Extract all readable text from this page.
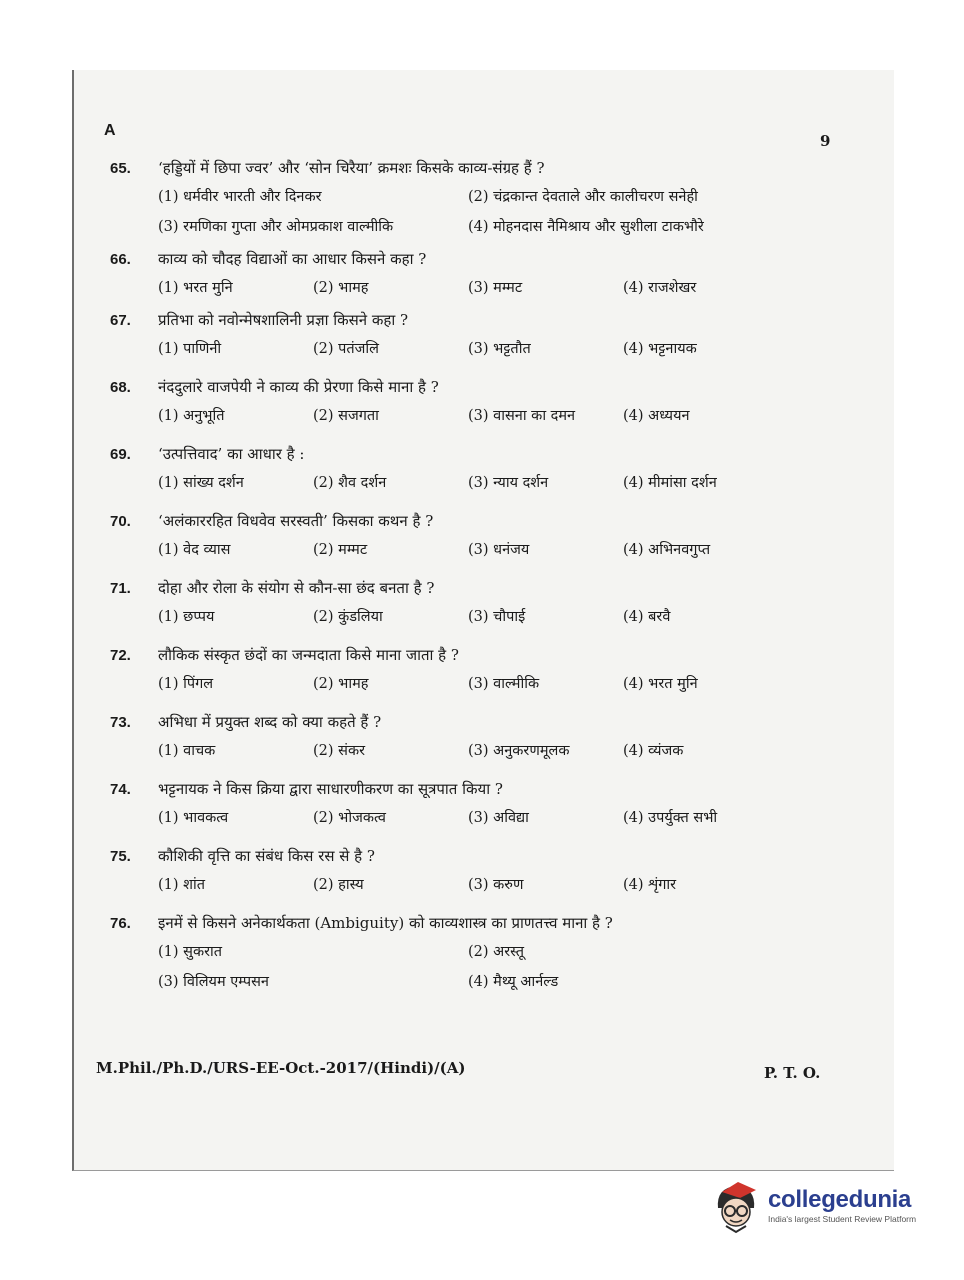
A
9
65.	‘हड्डियों में छिपा ज्वर’ और ‘सोन चिरैया’ क्रमशः किसके काव्य-संग्रह हैं ?
(1) धर्मवीर भारती और दिनकर	(2) चंद्रकान्त देवताले और कालीचरण सनेही
(3) रमणिका गुप्ता और ओमप्रकाश वाल्मीकि	(4) मोहनदास नैमिश्राय और सुशीला टाकभौरे
66.	काव्य को चौदह विद्याओं का आधार किसने कहा ?
(1) भरत मुनि	(2) भामह	(3) मम्मट	(4) राजशेखर
67.	प्रतिभा को नवोन्मेषशालिनी प्रज्ञा किसने कहा ?
(1) पाणिनी	(2) पतंजलि	(3) भट्टतौत	(4) भट्टनायक
68.	नंददुलारे वाजपेयी ने काव्य की प्रेरणा किसे माना है ?
(1) अनुभूति	(2) सजगता	(3) वासना का दमन	(4) अध्ययन
69.	‘उत्पत्तिवाद’ का आधार है :
(1) सांख्य दर्शन	(2) शैव दर्शन	(3) न्याय दर्शन	(4) मीमांसा दर्शन
70.	‘अलंकाररहित विधवेव सरस्वती’ किसका कथन है ?
(1) वेद व्यास	(2) मम्मट	(3) धनंजय	(4) अभिनवगुप्त
71.	दोहा और रोला के संयोग से कौन-सा छंद बनता है ?
(1) छप्पय	(2) कुंडलिया	(3) चौपाई	(4) बरवै
72.	लौकिक संस्कृत छंदों का जन्मदाता किसे माना जाता है ?
(1) पिंगल	(2) भामह	(3) वाल्मीकि	(4) भरत मुनि
73.	अभिधा में प्रयुक्त शब्द को क्या कहते हैं ?
(1) वाचक	(2) संकर	(3) अनुकरणमूलक	(4) व्यंजक
74.	भट्टनायक ने किस क्रिया द्वारा साधारणीकरण का सूत्रपात किया ?
(1) भावकत्व	(2) भोजकत्व	(3) अविद्या	(4) उपर्युक्त सभी
75.	कौशिकी वृत्ति का संबंध किस रस से है ?
(1) शांत	(2) हास्य	(3) करुण	(4) शृंगार
76.	इनमें से किसने अनेकार्थकता (Ambiguity) को काव्यशास्त्र का प्राणतत्त्व माना है ?
(1) सुकरात	(2) अरस्तू
(3) विलियम एम्पसन	(4) मैथ्यू आर्नल्ड
M.Phil./Ph.D./URS-EE-Oct.-2017/(Hindi)/(A)	P. T. O.
collegedunia
India's largest Student Review Platform
